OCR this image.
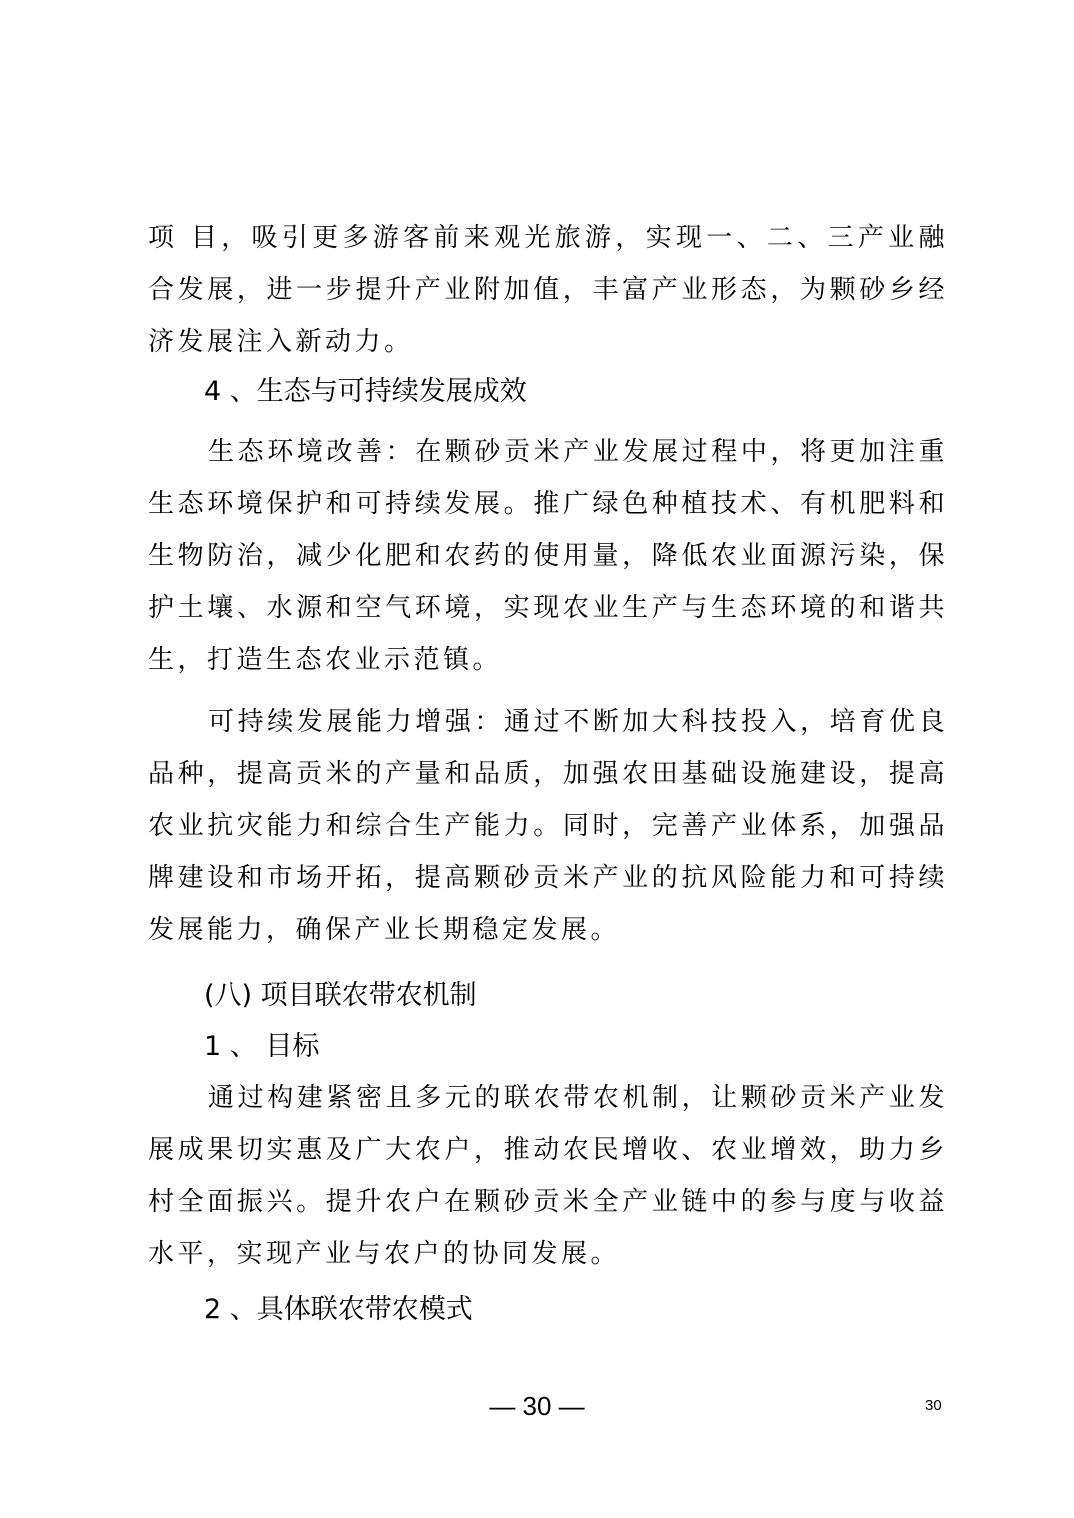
项 目，吸引更多游客前来观光旅游，实现一、二、三产业融合发展，进一步提升产业附加值，丰富产业形态，为颗砂乡经济发展注入新动力。
4 、生态与可持续发展成效
生态环境改善：在颗砂贡米产业发展过程中，将更加注重生态环境保护和可持续发展。推广绿色种植技术、有机肥料和生物防治，减少化肥和农药的使用量，降低农业面源污染，保护土壤、水源和空气环境，实现农业生产与生态环境的和谐共生，打造生态农业示范镇。
可持续发展能力增强：通过不断加大科技投入，培育优良品种，提高贡米的产量和品质，加强农田基础设施建设，提高农业抗灾能力和综合生产能力。同时，完善产业体系，加强品牌建设和市场开拓，提高颗砂贡米产业的抗风险能力和可持续发展能力，确保产业长期稳定发展。
(八) 项目联农带农机制
1 、 目标
通过构建紧密且多元的联农带农机制，让颗砂贡米产业发展成果切实惠及广大农户，推动农民增收、农业增效，助力乡村全面振兴。提升农户在颗砂贡米全产业链中的参与度与收益水平，实现产业与农户的协同发展。
2 、具体联农带农模式
— 30 —	30
